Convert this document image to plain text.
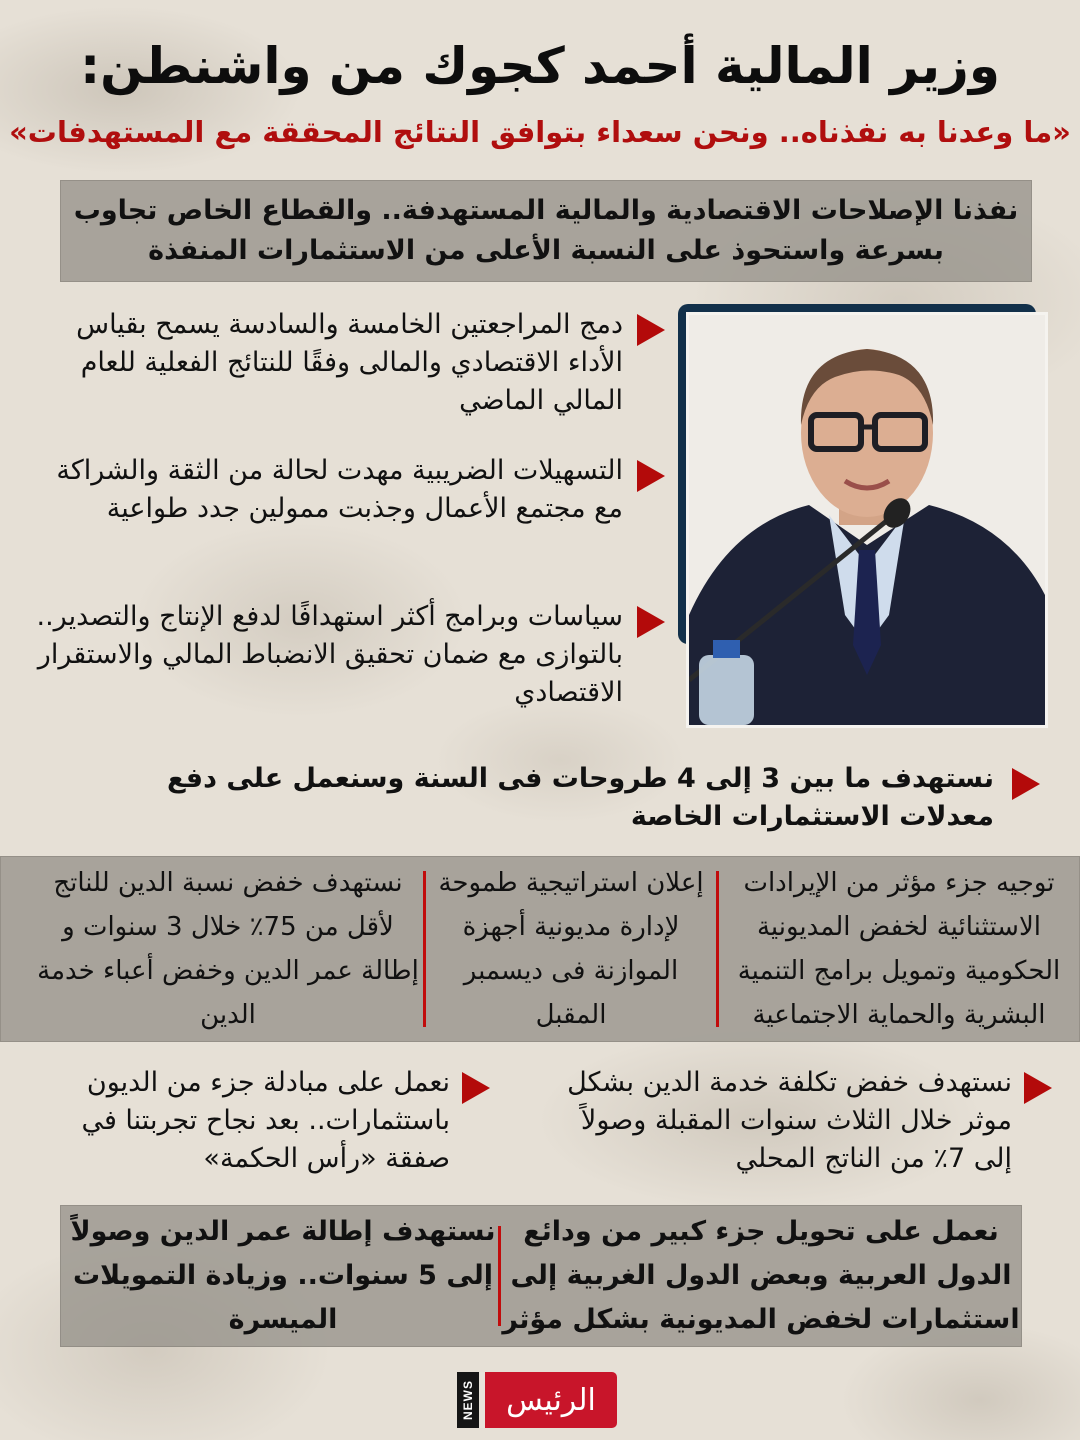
وزير المالية أحمد كجوك من واشنطن:
«ما وعدنا به نفذناه.. ونحن سعداء بتوافق النتائج المحققة مع المستهدفات»

نفذنا الإصلاحات الاقتصادية والمالية المستهدفة.. والقطاع الخاص تجاوب بسرعة واستحوذ على النسبة الأعلى من الاستثمارات المنفذة

دمج المراجعتين الخامسة والسادسة يسمح بقياس الأداء الاقتصادي والمالى وفقًا للنتائج الفعلية للعام المالي الماضي

التسهيلات الضريبية مهدت لحالة من الثقة والشراكة مع مجتمع الأعمال وجذبت ممولين جدد طواعية

سياسات وبرامج أكثر استهدافًا لدفع الإنتاج والتصدير.. بالتوازى مع ضمان تحقيق الانضباط المالي والاستقرار الاقتصادي

نستهدف ما بين 3 إلى 4 طروحات فى السنة وسنعمل على دفع معدلات الاستثمارات الخاصة

توجيه جزء مؤثر من الإيرادات الاستثنائية لخفض المديونية الحكومية وتمويل برامج التنمية البشرية والحماية الاجتماعية

إعلان استراتيجية طموحة لإدارة مديونية أجهزة الموازنة فى ديسمبر المقبل

نستهدف خفض نسبة الدين للناتج لأقل من 75٪ خلال 3 سنوات و إطالة عمر الدين وخفض أعباء خدمة الدين

نستهدف خفض تكلفة خدمة الدين بشكل موثر خلال الثلاث سنوات المقبلة وصولاً إلى 7٪ من الناتج المحلي

نعمل على مبادلة جزء من الديون باستثمارات.. بعد نجاح تجربتنا في صفقة «رأس الحكمة»

نعمل على تحويل جزء كبير من ودائع الدول العربية وبعض الدول الغربية إلى استثمارات لخفض المديونية بشكل مؤثر

نستهدف إطالة عمر الدين وصولاً إلى 5 سنوات.. وزيادة التمويلات الميسرة

NEWS	الرئيس
